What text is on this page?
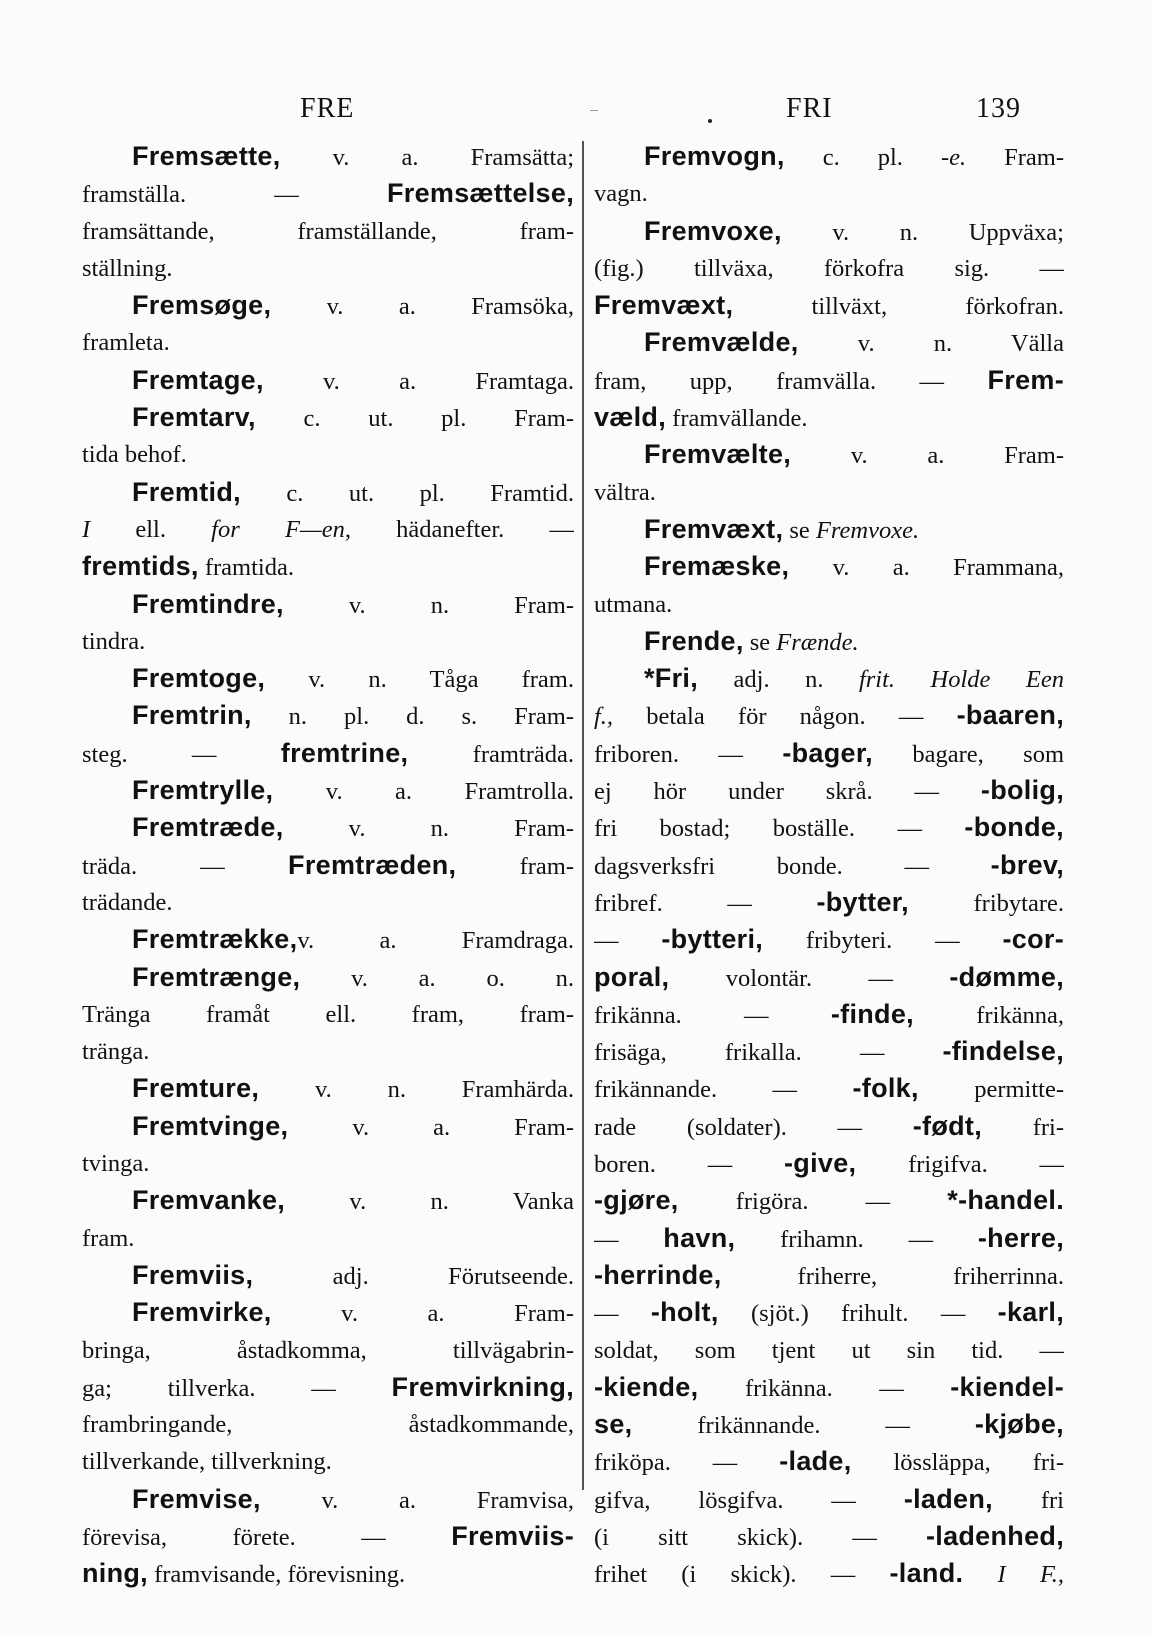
FRE	FRI	139
Fremsætte, v. a. Framsätta;
framställa. — Fremsættelse,
framsättande, framställande, fram-
ställning.
Fremsøge, v. a. Framsöka,
framleta.
Fremtage, v. a. Framtaga.
Fremtarv, c. ut. pl. Fram-
tida behof.
Fremtid, c. ut. pl. Framtid.
I ell. for F—en, hädanefter. —
fremtids, framtida.
Fremtindre, v. n. Fram-
tindra.
Fremtoge, v. n. Tåga fram.
Fremtrin, n. pl. d. s. Fram-
steg. — fremtrine, framträda.
Fremtrylle, v. a. Framtrolla.
Fremtræde, v. n. Fram-
träda. — Fremtræden, fram-
trädande.
Fremtrække,v. a. Framdraga.
Fremtrænge, v. a. o. n.
Tränga framåt ell. fram, fram-
tränga.
Fremture, v. n. Framhärda.
Fremtvinge, v. a. Fram-
tvinga.
Fremvanke, v. n. Vanka
fram.
Fremviis, adj. Förutseende.
Fremvirke, v. a. Fram-
bringa, åstadkomma, tillvägabrin-
ga; tillverka. — Fremvirkning,
frambringande, åstadkommande,
tillverkande, tillverkning.
Fremvise, v. a. Framvisa,
förevisa, förete. — Fremviis-
ning, framvisande, förevisning.
Fremvogn, c. pl. -e. Fram-
vagn.
Fremvoxe, v. n. Uppväxa;
(fig.) tillväxa, förkofra sig. —
Fremvæxt, tillväxt, förkofran.
Fremvælde, v. n. Välla
fram, upp, framvälla. — Frem-
væld, framvällande.
Fremvælte, v. a. Fram-
vältra.
Fremvæxt, se Fremvoxe.
Fremæske, v. a. Frammana,
utmana.
Frende, se Frænde.
*Fri, adj. n. frit. Holde Een
f., betala för någon. — -baaren,
friboren. — -bager, bagare, som
ej hör under skrå. — -bolig,
fri bostad; boställe. — -bonde,
dagsverksfri bonde. — -brev,
fribref. — -bytter, fribytare.
— -bytteri, fribyteri. — -cor-
poral, volontär. — -dømme,
frikänna. — -finde, frikänna,
frisäga, frikalla. — -findelse,
frikännande. — -folk, permitte-
rade (soldater). — -født, fri-
boren. — -give, frigifva. —
-gjøre, frigöra. — *-handel.
— havn, frihamn. — -herre,
-herrinde, friherre, friherrinna.
— -holt, (sjöt.) frihult. — -karl,
soldat, som tjent ut sin tid. —
-kiende, frikänna. — -kiendel-
se, frikännande. — -kjøbe,
friköpa. — -lade, lössläppa, fri-
gifva, lösgifva. — -laden, fri
(i sitt skick). — -ladenhed,
frihet (i skick). — -land. I F.,
